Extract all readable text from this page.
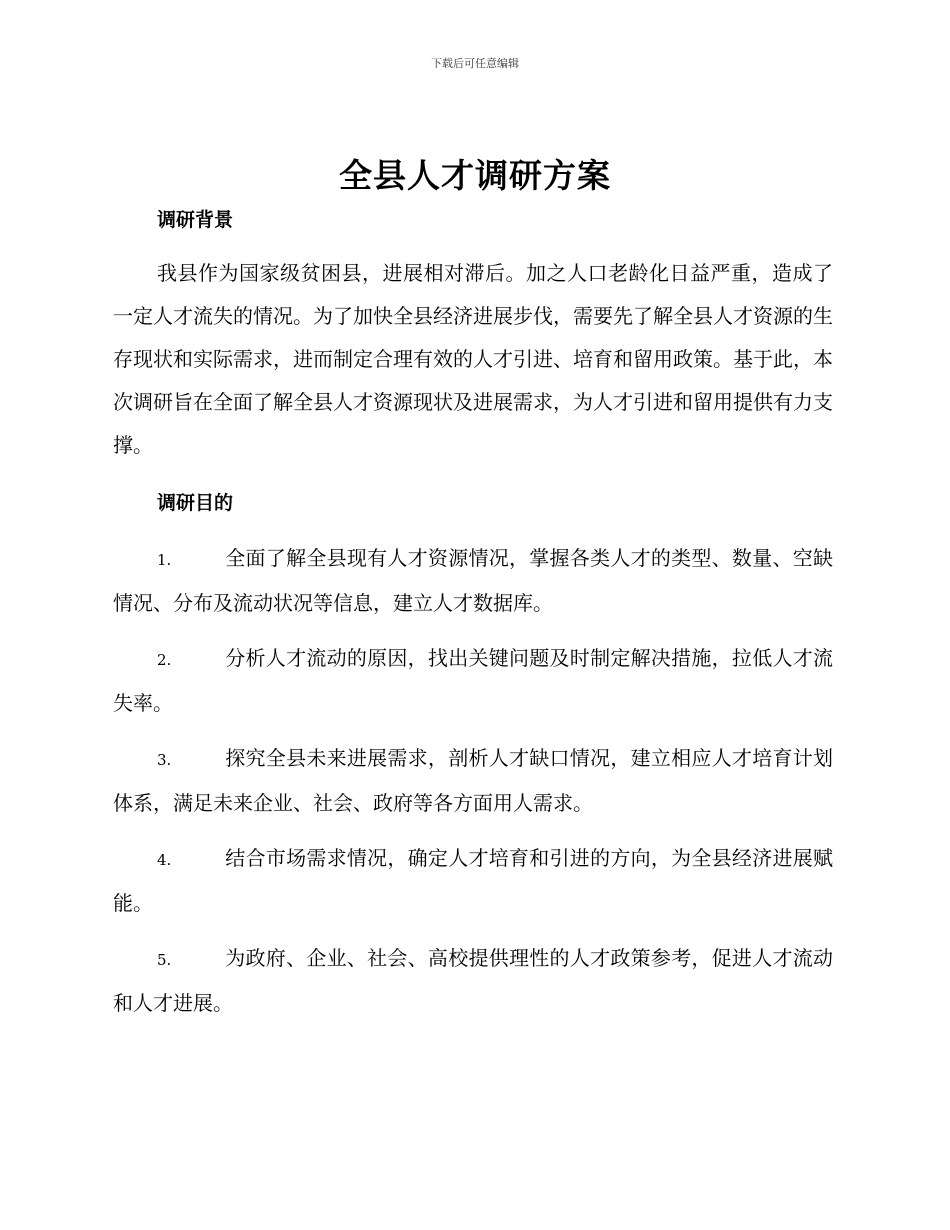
下载后可任意编辑
全县人才调研方案
调研背景

我县作为国家级贫困县，进展相对滞后。加之人口老龄化日益严重，造成了一定人才流失的情况。为了加快全县经济进展步伐，需要先了解全县人才资源的生存现状和实际需求，进而制定合理有效的人才引进、培育和留用政策。基于此，本次调研旨在全面了解全县人才资源现状及进展需求，为人才引进和留用提供有力支撑。

调研目的

1.	全面了解全县现有人才资源情况，掌握各类人才的类型、数量、空缺情况、分布及流动状况等信息，建立人才数据库。

2.	分析人才流动的原因，找出关键问题及时制定解决措施，拉低人才流失率。

3.	探究全县未来进展需求，剖析人才缺口情况，建立相应人才培育计划体系，满足未来企业、社会、政府等各方面用人需求。

4.	结合市场需求情况，确定人才培育和引进的方向，为全县经济进展赋能。

5.	为政府、企业、社会、高校提供理性的人才政策参考，促进人才流动和人才进展。
